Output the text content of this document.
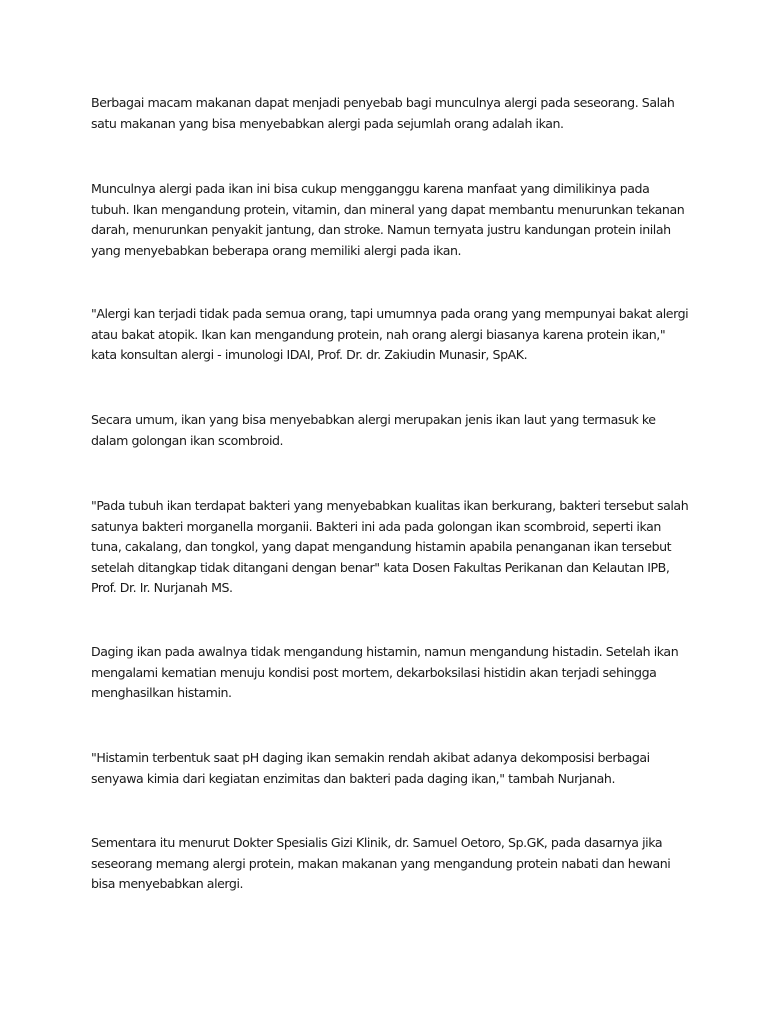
Berbagai macam makanan dapat menjadi penyebab bagi munculnya alergi pada seseorang. Salah satu makanan yang bisa menyebabkan alergi pada sejumlah orang adalah ikan.

Munculnya alergi pada ikan ini bisa cukup mengganggu karena manfaat yang dimilikinya pada tubuh. Ikan mengandung protein, vitamin, dan mineral yang dapat membantu menurunkan tekanan darah, menurunkan penyakit jantung, dan stroke. Namun ternyata justru kandungan protein inilah yang menyebabkan beberapa orang memiliki alergi pada ikan.

"Alergi kan terjadi tidak pada semua orang, tapi umumnya pada orang yang mempunyai bakat alergi atau bakat atopik. Ikan kan mengandung protein, nah orang alergi biasanya karena protein ikan," kata konsultan alergi - imunologi IDAI, Prof. Dr. dr. Zakiudin Munasir, SpAK.

Secara umum, ikan yang bisa menyebabkan alergi merupakan jenis ikan laut yang termasuk ke dalam golongan ikan scombroid.

"Pada tubuh ikan terdapat bakteri yang menyebabkan kualitas ikan berkurang, bakteri tersebut salah satunya bakteri morganella morganii. Bakteri ini ada pada golongan ikan scombroid, seperti ikan tuna, cakalang, dan tongkol, yang dapat mengandung histamin apabila penanganan ikan tersebut setelah ditangkap tidak ditangani dengan benar" kata Dosen Fakultas Perikanan dan Kelautan IPB, Prof. Dr. Ir. Nurjanah MS.

Daging ikan pada awalnya tidak mengandung histamin, namun mengandung histadin. Setelah ikan mengalami kematian menuju kondisi post mortem, dekarboksilasi histidin akan terjadi sehingga menghasilkan histamin.

"Histamin terbentuk saat pH daging ikan semakin rendah akibat adanya dekomposisi berbagai senyawa kimia dari kegiatan enzimitas dan bakteri pada daging ikan," tambah Nurjanah.

Sementara itu menurut Dokter Spesialis Gizi Klinik, dr. Samuel Oetoro, Sp.GK, pada dasarnya jika seseorang memang alergi protein, makan makanan yang mengandung protein nabati dan hewani bisa menyebabkan alergi.
